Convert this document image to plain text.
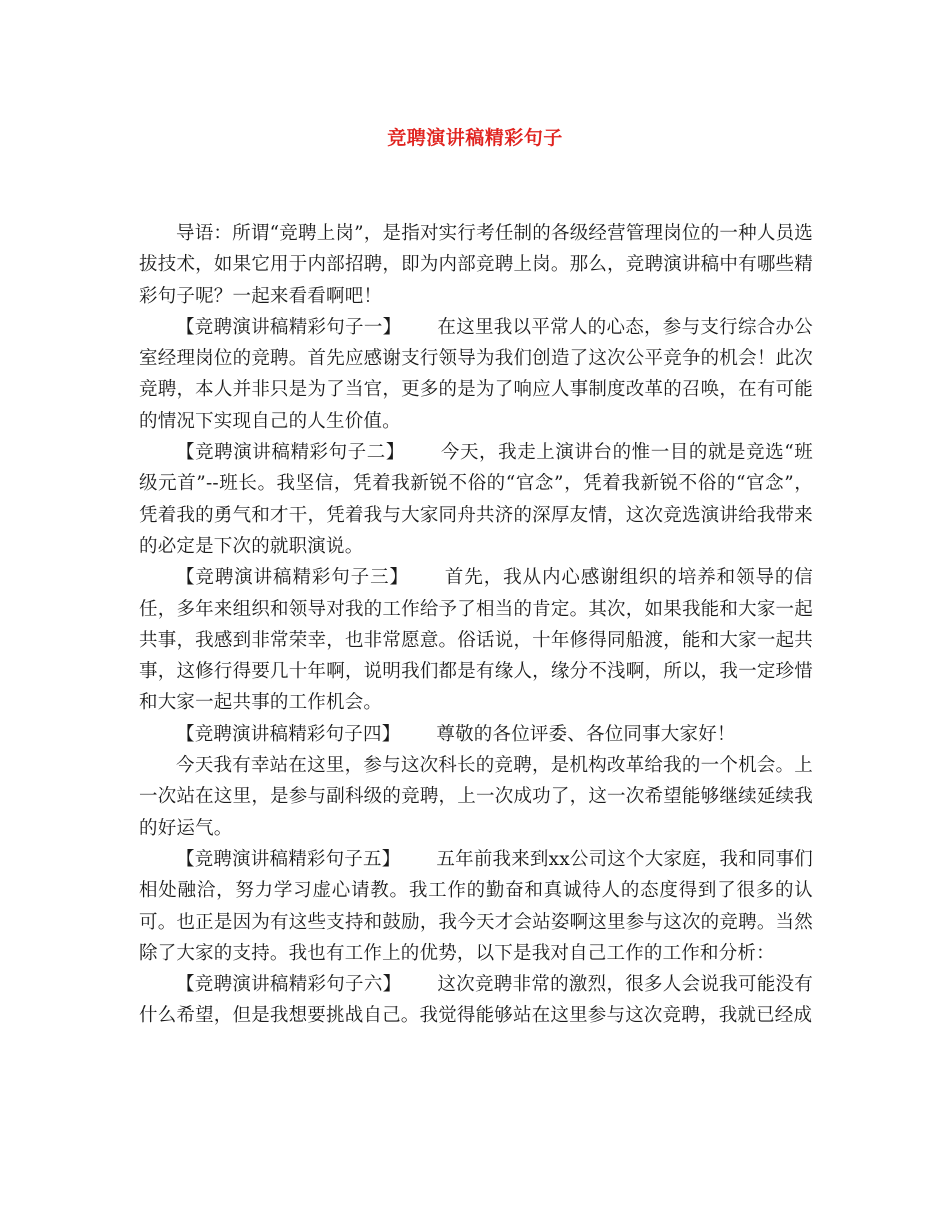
竞聘演讲稿精彩句子

导语：所谓“竞聘上岗”，是指对实行考任制的各级经营管理岗位的一种人员选拔技术，如果它用于内部招聘，即为内部竞聘上岗。那么，竞聘演讲稿中有哪些精彩句子呢？一起来看看啊吧！

【竞聘演讲稿精彩句子一】 在这里我以平常人的心态，参与支行综合办公室经理岗位的竞聘。首先应感谢支行领导为我们创造了这次公平竞争的机会！此次竞聘，本人并非只是为了当官，更多的是为了响应人事制度改革的召唤，在有可能的情况下实现自己的人生价值。

【竞聘演讲稿精彩句子二】 今天，我走上演讲台的惟一目的就是竞选“班级元首”--班长。我坚信，凭着我新锐不俗的“官念”，凭着我新锐不俗的“官念”，凭着我的勇气和才干，凭着我与大家同舟共济的深厚友情，这次竞选演讲给我带来的必定是下次的就职演说。

【竞聘演讲稿精彩句子三】 首先，我从内心感谢组织的培养和领导的信任，多年来组织和领导对我的工作给予了相当的肯定。其次，如果我能和大家一起共事，我感到非常荣幸，也非常愿意。俗话说，十年修得同船渡，能和大家一起共事，这修行得要几十年啊，说明我们都是有缘人，缘分不浅啊，所以，我一定珍惜和大家一起共事的工作机会。

【竞聘演讲稿精彩句子四】 尊敬的各位评委、各位同事大家好！

今天我有幸站在这里，参与这次科长的竞聘，是机构改革给我的一个机会。上一次站在这里，是参与副科级的竞聘，上一次成功了，这一次希望能够继续延续我的好运气。

【竞聘演讲稿精彩句子五】 五年前我来到xx公司这个大家庭，我和同事们相处融洽，努力学习虚心请教。我工作的勤奋和真诚待人的态度得到了很多的认可。也正是因为有这些支持和鼓励，我今天才会站姿啊这里参与这次的竞聘。当然除了大家的支持。我也有工作上的优势，以下是我对自己工作的工作和分析：

【竞聘演讲稿精彩句子六】 这次竞聘非常的激烈，很多人会说我可能没有什么希望，但是我想要挑战自己。我觉得能够站在这里参与这次竞聘，我就已经成
